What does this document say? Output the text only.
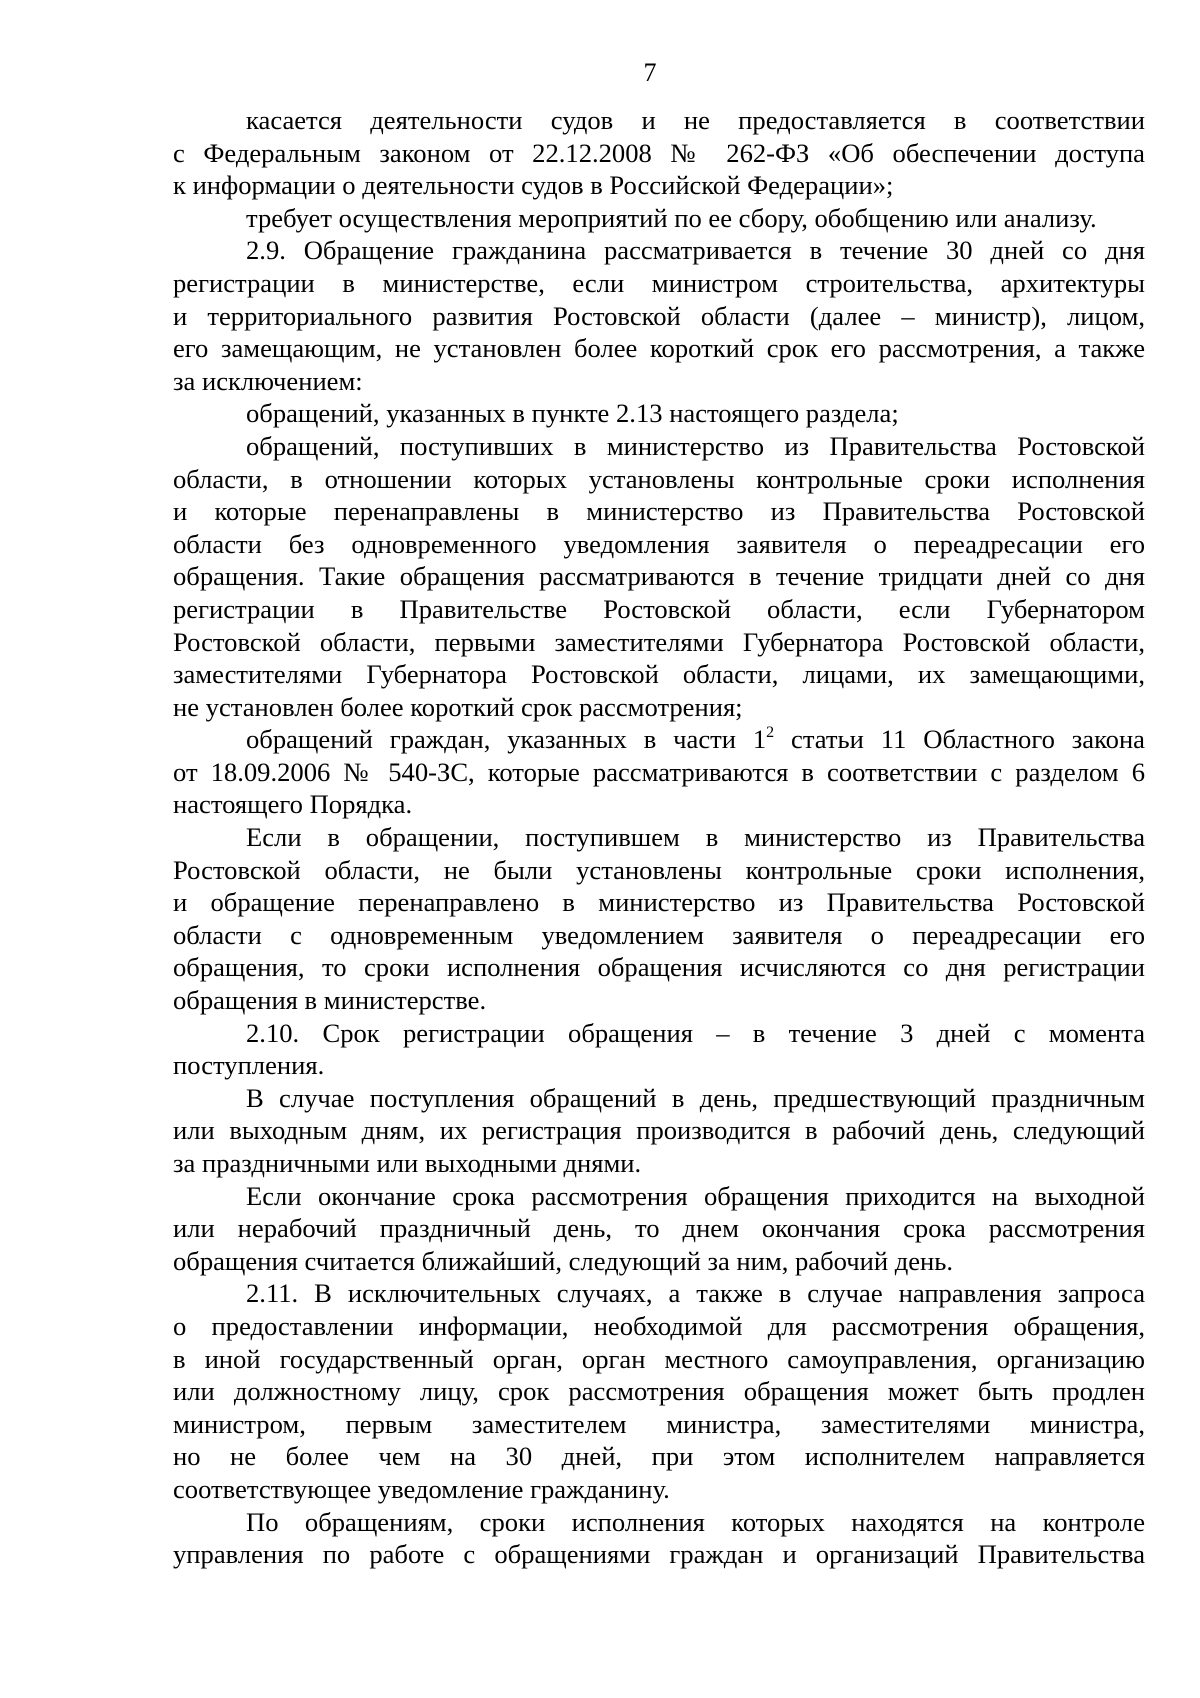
7
касается деятельности судов и не предоставляется в соответствии
с Федеральным законом от 22.12.2008 № 262-ФЗ «Об обеспечении доступа
к информации о деятельности судов в Российской Федерации»;
требует осуществления мероприятий по ее сбору, обобщению или анализу.
2.9. Обращение гражданина рассматривается в течение 30 дней со дня
регистрации в министерстве, если министром строительства, архитектуры
и территориального развития Ростовской области (далее – министр), лицом,
его замещающим, не установлен более короткий срок его рассмотрения, а также
за исключением:
обращений, указанных в пункте 2.13 настоящего раздела;
обращений, поступивших в министерство из Правительства Ростовской
области, в отношении которых установлены контрольные сроки исполнения
и которые перенаправлены в министерство из Правительства Ростовской
области без одновременного уведомления заявителя о переадресации его
обращения. Такие обращения рассматриваются в течение тридцати дней со дня
регистрации в Правительстве Ростовской области, если Губернатором
Ростовской области, первыми заместителями Губернатора Ростовской области,
заместителями Губернатора Ростовской области, лицами, их замещающими,
не установлен более короткий срок рассмотрения;
обращений граждан, указанных в части $1^2$ статьи 11 Областного закона
от 18.09.2006 № 540-ЗС, которые рассматриваются в соответствии с разделом 6
настоящего Порядка.
Если в обращении, поступившем в министерство из Правительства
Ростовской области, не были установлены контрольные сроки исполнения,
и обращение перенаправлено в министерство из Правительства Ростовской
области с одновременным уведомлением заявителя о переадресации его
обращения, то сроки исполнения обращения исчисляются со дня регистрации
обращения в министерстве.
2.10. Срок регистрации обращения – в течение 3 дней с момента
поступления.
В случае поступления обращений в день, предшествующий праздничным
или выходным дням, их регистрация производится в рабочий день, следующий
за праздничными или выходными днями.
Если окончание срока рассмотрения обращения приходится на выходной
или нерабочий праздничный день, то днем окончания срока рассмотрения
обращения считается ближайший, следующий за ним, рабочий день.
2.11. В исключительных случаях, а также в случае направления запроса
о предоставлении информации, необходимой для рассмотрения обращения,
в иной государственный орган, орган местного самоуправления, организацию
или должностному лицу, срок рассмотрения обращения может быть продлен
министром, первым заместителем министра, заместителями министра,
но не более чем на 30 дней, при этом исполнителем направляется
соответствующее уведомление гражданину.
По обращениям, сроки исполнения которых находятся на контроле
управления по работе с обращениями граждан и организаций Правительства
